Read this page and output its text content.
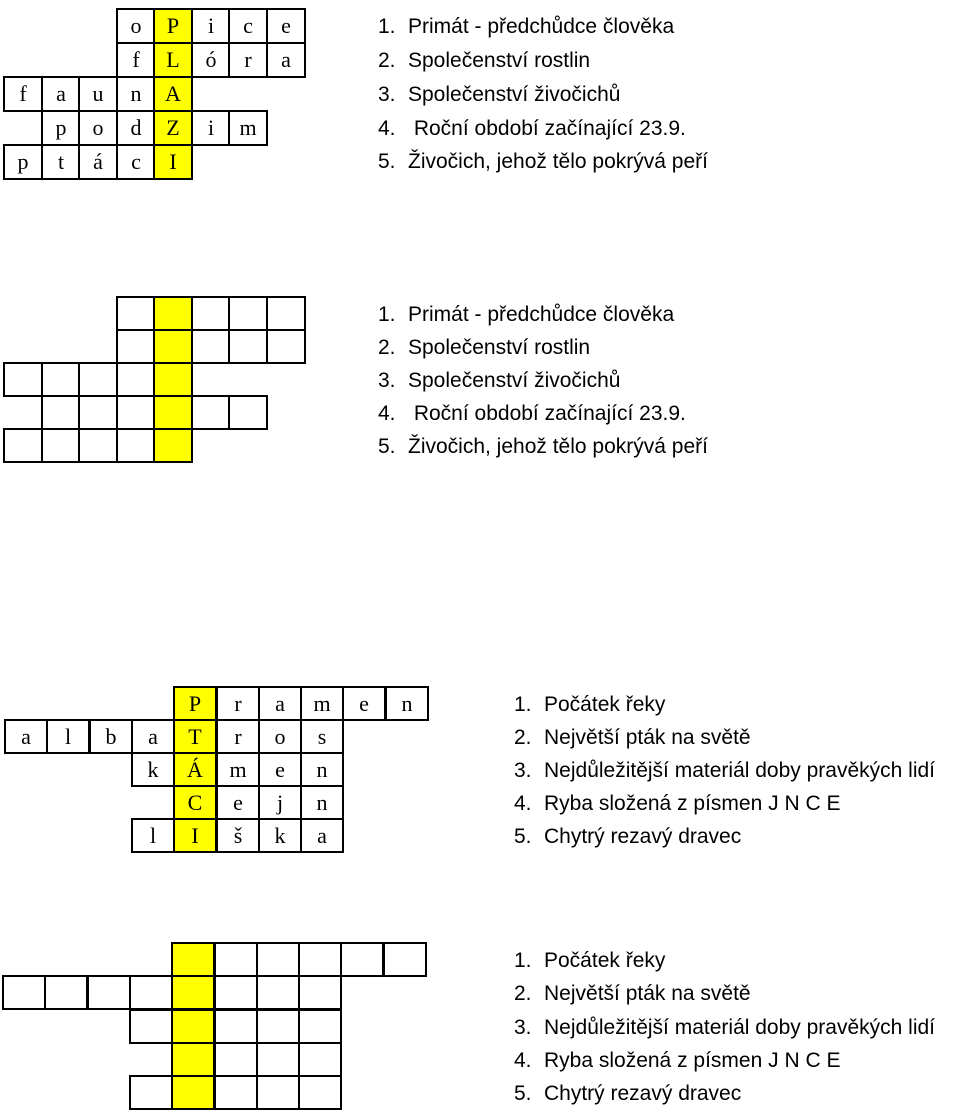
o P i c e
f L ó r a
f a u n A
p o d Z i m
p t á c I
1. Primát - předchůdce člověka
2. Společenství rostlin
3. Společenství živočichů
4. Roční období začínající 23.9.
5. Živočich, jehož tělo pokrývá peří
1. Primát - předchůdce člověka
2. Společenství rostlin
3. Společenství živočichů
4. Roční období začínající 23.9.
5. Živočich, jehož tělo pokrývá peří
P r a m e n
a l b a T r o s
k Á m e n
C e j n
l I š k a
1. Počátek řeky
2. Největší pták na světě
3. Nejdůležitější materiál doby pravěkých lidí
4. Ryba složená z písmen J N C E
5. Chytrý rezavý dravec
1. Počátek řeky
2. Největší pták na světě
3. Nejdůležitější materiál doby pravěkých lidí
4. Ryba složená z písmen J N C E
5. Chytrý rezavý dravec
